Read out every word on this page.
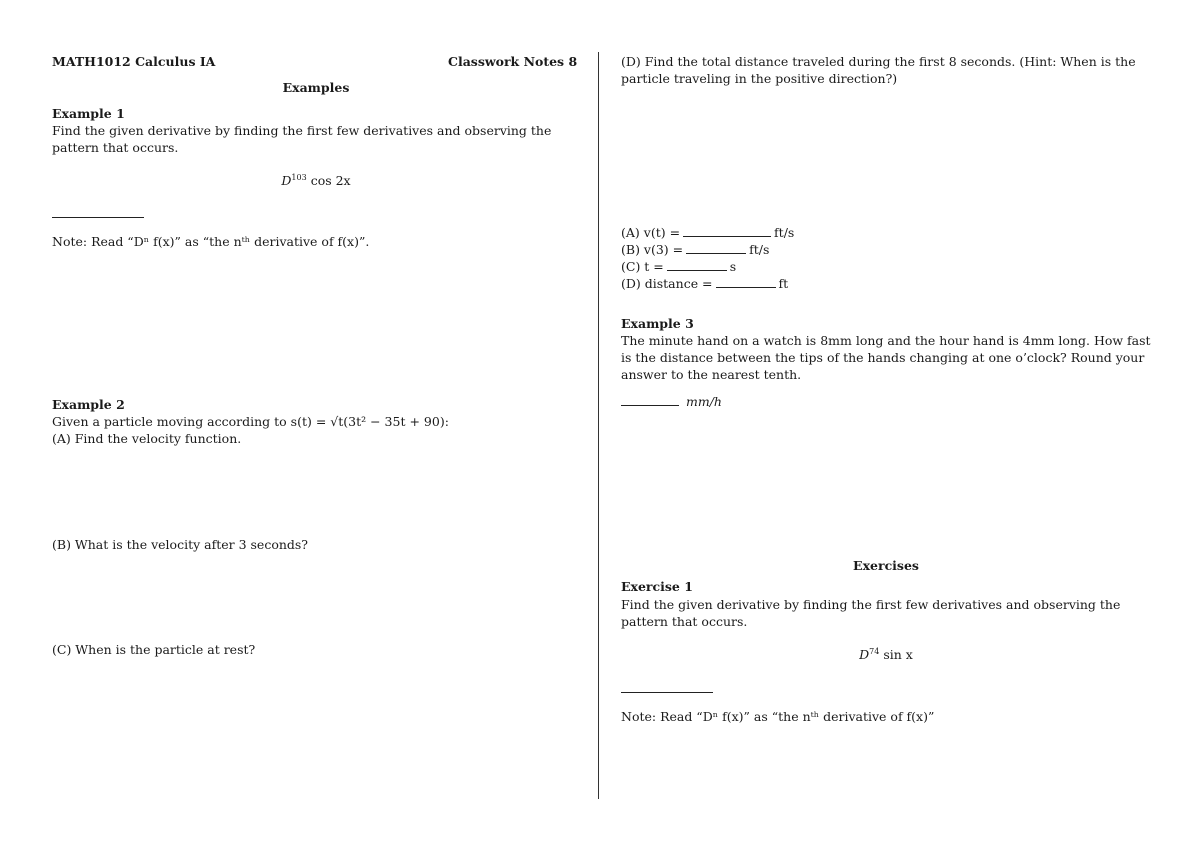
MATH1012 Calculus IA	Classwork Notes 8
Examples
Example 1
Find the given derivative by finding the first few derivatives and observing the pattern that occurs.
$D^{103}$ cos 2x
Note: Read “Dⁿ f(x)” as “the nᵗʰ derivative of f(x)”.
Example 2
Given a particle moving according to s(t) = √t(3t² − 35t + 90):
(A) Find the velocity function.
(B) What is the velocity after 3 seconds?
(C) When is the particle at rest?
(D) Find the total distance traveled during the first 8 seconds. (Hint: When is the particle traveling in the positive direction?)
(A) v(t) =	ft/s
(B) v(3) =	ft/s
(C) t =	s
(D) distance =	ft
Example 3
The minute hand on a watch is 8mm long and the hour hand is 4mm long. How fast is the distance between the tips of the hands changing at one o’clock? Round your answer to the nearest tenth.
mm/h
Exercises
Exercise 1
Find the given derivative by finding the first few derivatives and observing the pattern that occurs.
$D^{74}$ sin x
Note: Read “Dⁿ f(x)” as “the nᵗʰ derivative of f(x)”
